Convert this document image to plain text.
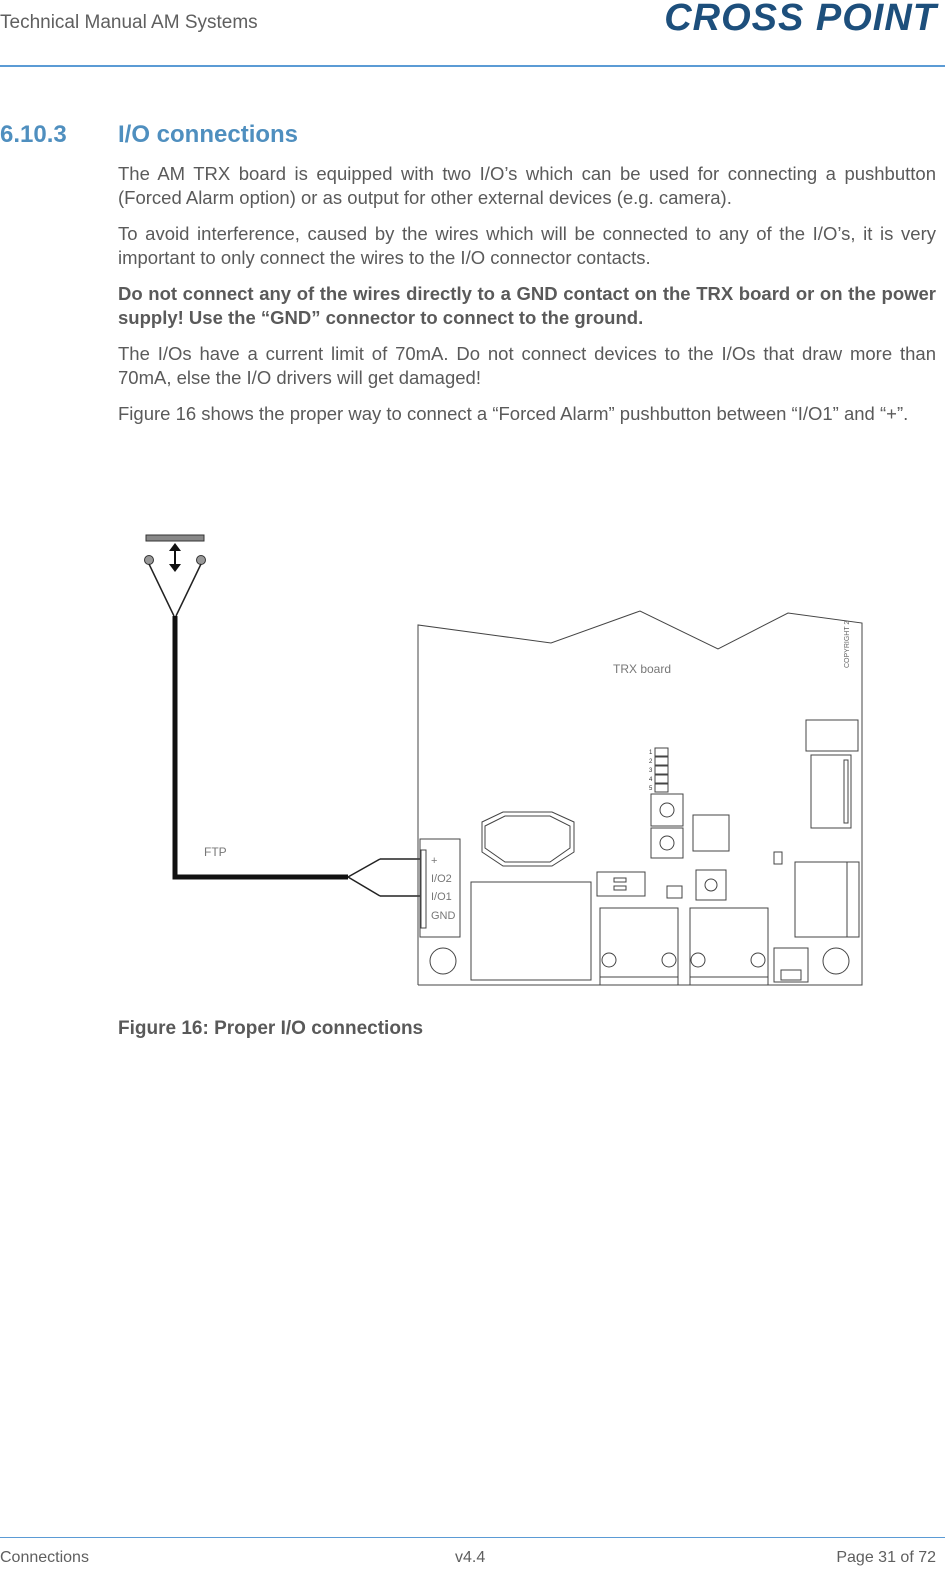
Technical Manual AM Systems	CROSS POINT
6.10.3 I/O connections

The AM TRX board is equipped with two I/O’s which can be used for connecting a pushbutton (Forced Alarm option) or as output for other external devices (e.g. camera).

To avoid interference, caused by the wires which will be connected to any of the I/O’s, it is very important to only connect the wires to the I/O connector contacts.

Do not connect any of the wires directly to a GND contact on the TRX board or on the power supply! Use the “GND” connector to connect to the ground.

The I/Os have a current limit of 70mA. Do not connect devices to the I/Os that draw more than 70mA, else the I/O drivers will get damaged!

Figure 16 shows the proper way to connect a “Forced Alarm” pushbutton between “I/O1” and “+”.

FTP
TRX board
COPYRIGHT 2
+
I/O2
I/O1
GND
1
2
3
4
5
Figure 16: Proper I/O connections
Connections	v4.4	Page 31 of 72
